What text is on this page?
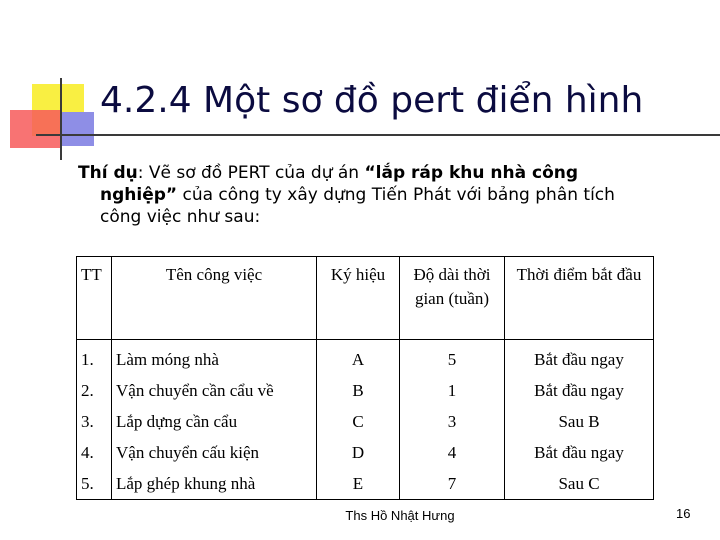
4.2.4 Một sơ đồ pert điển hình
Thí dụ: Vẽ sơ đồ PERT của dự án “lắp ráp khu nhà công
nghiệp” của công ty xây dựng Tiến Phát với bảng phân tích
công việc như sau:
TT	Tên công việc	Ký hiệu	Độ dài thời gian (tuần)	Thời điểm bắt đầu
1.	Làm móng nhà	A	5	Bắt đầu ngay
2.	Vận chuyển cần cẩu về	B	1	Bắt đầu ngay
3.	Lắp dựng cần cẩu	C	3	Sau B
4.	Vận chuyển cấu kiện	D	4	Bắt đầu ngay
5.	Lắp ghép khung nhà	E	7	Sau C
Ths Hồ Nhật Hưng	16
